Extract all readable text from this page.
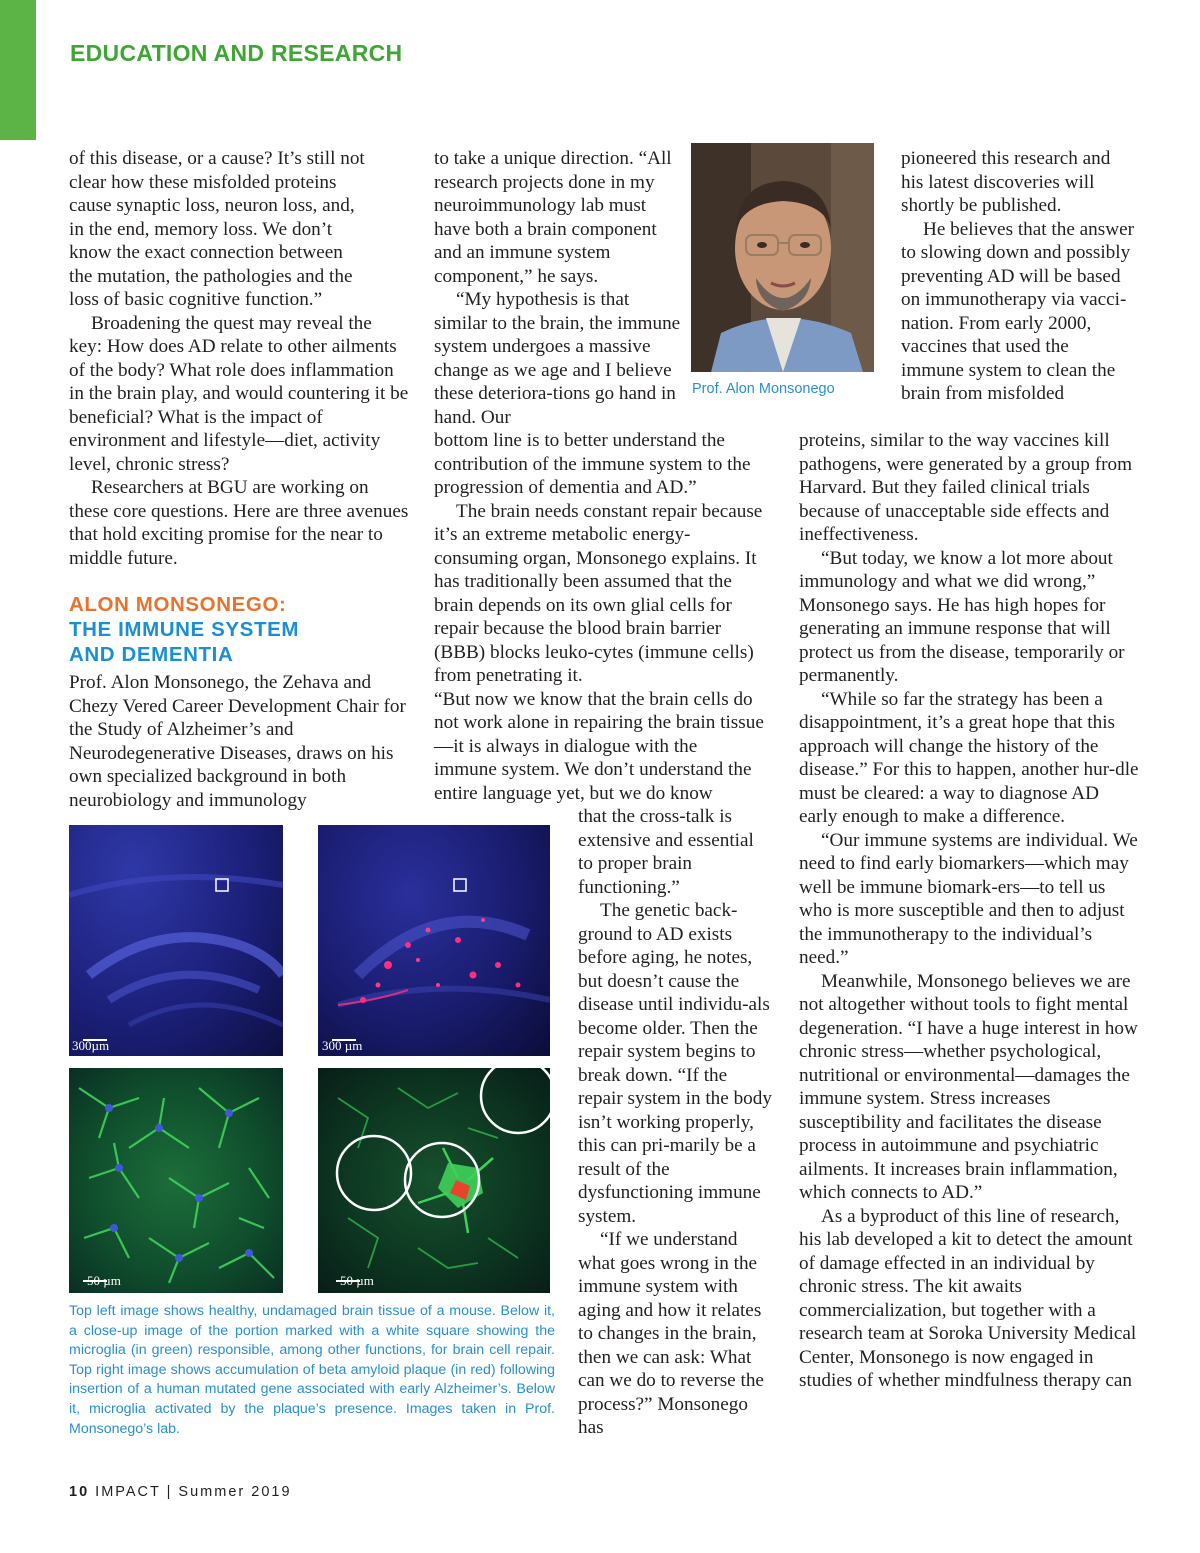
EDUCATION AND RESEARCH
of this disease, or a cause? It’s still not
clear how these misfolded proteins
cause synaptic loss, neuron loss, and,
in the end, memory loss. We don’t
know the exact connection between
the mutation, the pathologies and the
loss of basic cognitive function.”

Broadening the quest may reveal the key: How does AD relate to other ailments of the body? What role does inflammation in the brain play, and would countering it be beneficial? What is the impact of environment and lifestyle—diet, activity level, chronic stress?

Researchers at BGU are working on these core questions. Here are three avenues that hold exciting promise for the near to middle future.

ALON MONSONEGO:
THE IMMUNE SYSTEM
AND DEMENTIA

Prof. Alon Monsonego, the Zehava and Chezy Vered Career Development Chair for the Study of Alzheimer’s and Neurodegenerative Diseases, draws on his own specialized background in both neurobiology and immunology

to take a unique direction. “All research projects done in my neuroimmunology lab must have both a brain component and an immune system component,” he says.

“My hypothesis is that similar to the brain, the immune system undergoes a massive change as we age and I believe these deteriora-tions go hand in hand. Our

bottom line is to better understand the contribution of the immune system to the progression of dementia and AD.”

The brain needs constant repair because it’s an extreme metabolic energy-consuming organ, Monsonego explains. It has traditionally been assumed that the brain depends on its own glial cells for repair because the blood brain barrier (BBB) blocks leuko-cytes (immune cells) from penetrating it.

“But now we know that the brain cells do not work alone in repairing the brain tissue—it is always in dialogue with the immune system. We don’t understand the entire language yet, but we do know

that the cross-talk is extensive and essential to proper brain functioning.”

The genetic back-ground to AD exists before aging, he notes, but doesn’t cause the disease until individu-als become older. Then the repair system begins to break down. “If the repair system in the body isn’t working properly, this can pri-marily be a result of the dysfunctioning immune system.

“If we understand what goes wrong in the immune system with aging and how it relates to changes in the brain, then we can ask: What can we do to reverse the process?” Monsonego has

Prof. Alon Monsonego

pioneered this research and his latest discoveries will shortly be published.

He believes that the answer to slowing down and possibly preventing AD will be based on immunotherapy via vacci-nation. From early 2000, vaccines that used the immune system to clean the brain from misfolded

proteins, similar to the way vaccines kill pathogens, were generated by a group from Harvard. But they failed clinical trials because of unacceptable side effects and ineffectiveness.

“But today, we know a lot more about immunology and what we did wrong,” Monsonego says. He has high hopes for generating an immune response that will protect us from the disease, temporarily or permanently.

“While so far the strategy has been a disappointment, it’s a great hope that this approach will change the history of the disease.” For this to happen, another hur-dle must be cleared: a way to diagnose AD early enough to make a difference.

“Our immune systems are individual. We need to find early biomarkers—which may well be immune biomark-ers—to tell us who is more susceptible and then to adjust the immunotherapy to the individual’s need.”

Meanwhile, Monsonego believes we are not altogether without tools to fight mental degeneration. “I have a huge interest in how chronic stress—whether psychological, nutritional or environmental—damages the immune system. Stress increases susceptibility and facilitates the disease process in autoimmune and psychiatric ailments. It increases brain inflammation, which connects to AD.”

As a byproduct of this line of research, his lab developed a kit to detect the amount of damage effected in an individual by chronic stress. The kit awaits commercialization, but together with a research team at Soroka University Medical Center, Monsonego is now engaged in studies of whether mindfulness therapy can

300µm	300 µm
50 µm	50 µm
Top left image shows healthy, undamaged brain tissue of a mouse. Below it, a close-up image of the portion marked with a white square showing the microglia (in green) responsible, among other functions, for brain cell repair. Top right image shows accumulation of beta amyloid plaque (in red) following insertion of a human mutated gene associated with early Alzheimer’s. Below it, microglia activated by the plaque’s presence. Images taken in Prof. Monsonego’s lab.
10 IMPACT | Summer 2019
